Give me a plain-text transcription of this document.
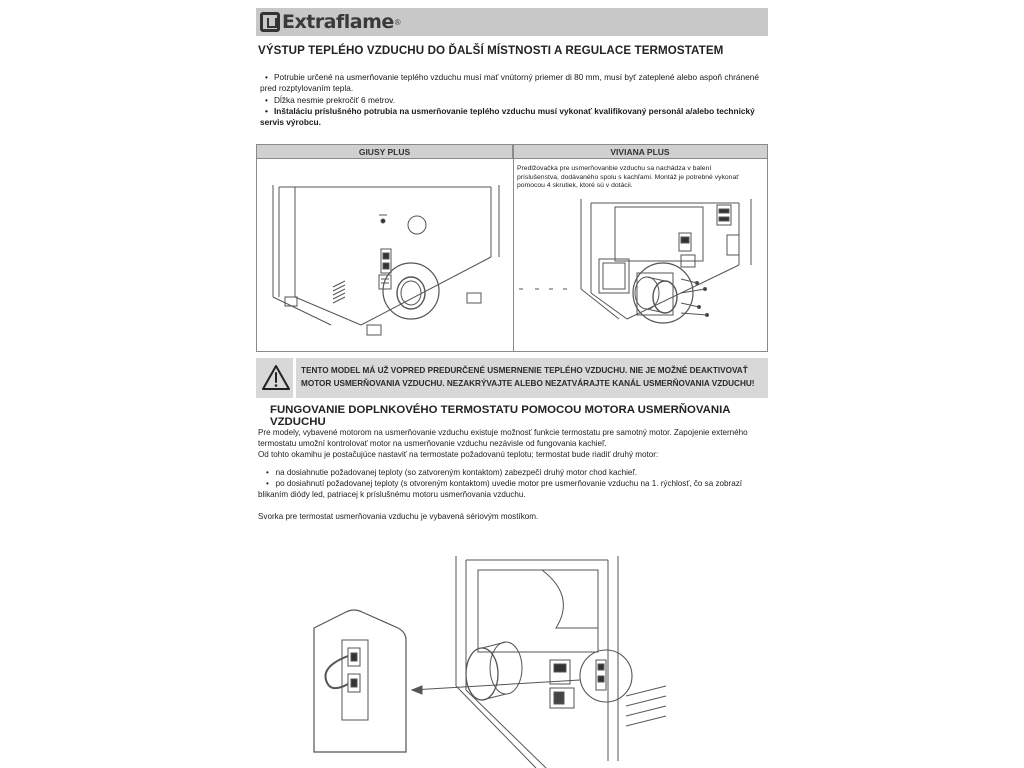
Extraflame ®
VÝSTUP TEPLÉHO VZDUCHU DO ĎALŠÍ MÍSTNOSTI A REGULACE TERMOSTATEM
• Potrubie určené na usmerňovanie teplého vzduchu musí mať vnútorný priemer di 80 mm, musí byť zateplené alebo aspoň chránené
pred rozptylovaním tepla.
• Dĺžka nesmie prekročiť 6 metrov.
• Inštaláciu príslušného potrubia na usmerňovanie teplého vzduchu musí vykonať kvalifikovaný personál a/alebo technický
servis výrobcu.
GIUSY PLUS	VIVIANA PLUS
Predlžovačka pre usmerňovanbie vzduchu sa nachádza v balení
príslušenstva, dodávaného spolu s kachľami. Montáž je potrebné vykonať
pomocou 4 skrutiek, ktoré sú v dotácii.
TENTO MODEL MÁ UŽ VOPRED PREDURČENÉ USMERNENIE TEPLÉHO VZDUCHU. NIE JE MOŽNÉ DEAKTIVOVAŤ
MOTOR USMERŇOVANIA VZDUCHU. NEZAKRÝVAJTE ALEBO NEZATVÁRAJTE KANÁL USMERŇOVANIA VZDUCHU!
FUNGOVANIE DOPLNKOVÉHO TERMOSTATU POMOCOU MOTORA USMERŇOVANIA VZDUCHU
Pre modely, vybavené motorom na usmerňovanie vzduchu existuje možnosť funkcie termostatu pre samotný motor. Zapojenie externého
termostatu umožní kontrolovať motor na usmerňovanie vzduchu nezávisle od fungovania kachieľ.
Od tohto okamihu je postačujúce nastaviť na termostate požadovanú teplotu; termostat bude riadiť druhý motor:
• na dosiahnutie požadovanej teploty (so zatvoreným kontaktom) zabezpečí druhý motor chod kachieľ.
• po dosiahnutí požadovanej teploty (s otvoreným kontaktom) uvedie motor pre usmerňovanie vzduchu na 1. rýchlosť, čo sa zobrazí
blikaním diódy led, patriacej k príslušnému motoru usmerňovania vzduchu.
Svorka pre termostat usmerňovania vzduchu je vybavená sériovým mostíkom.
